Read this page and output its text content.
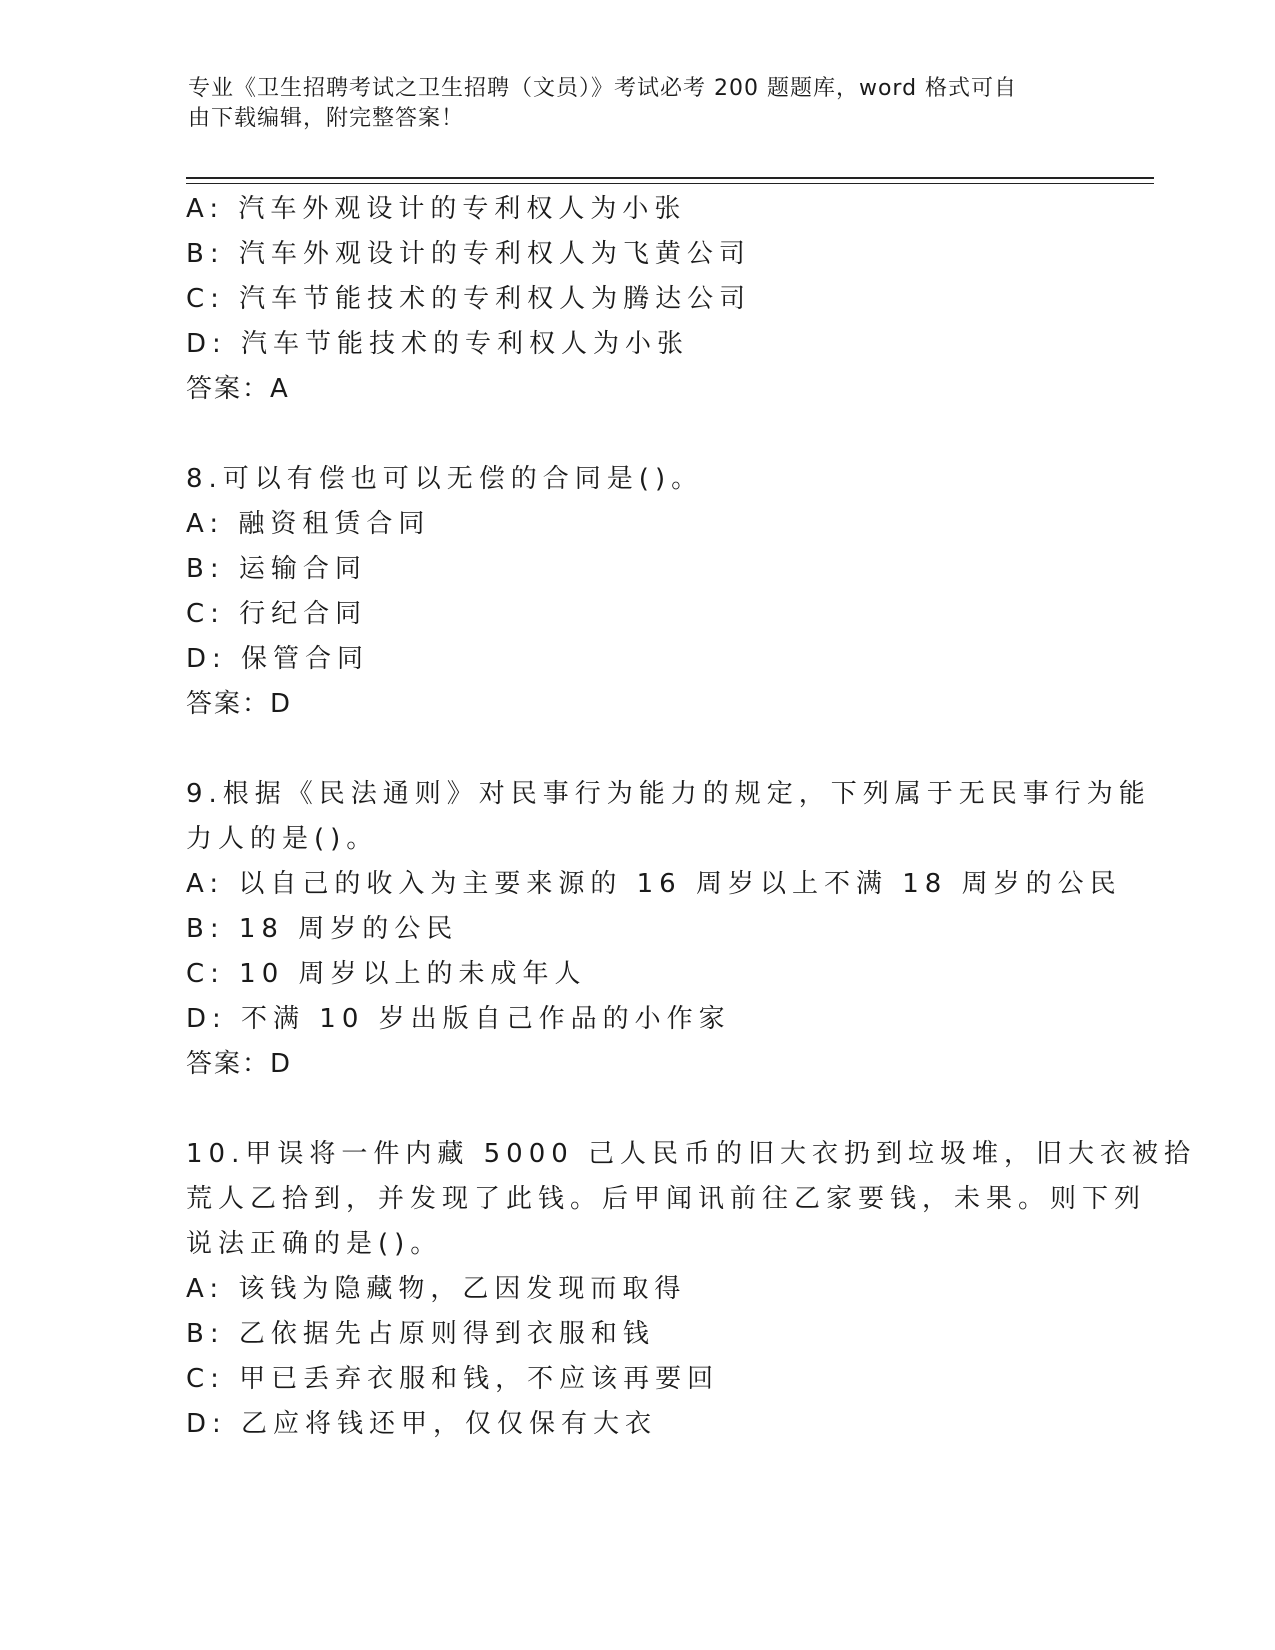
专业《卫生招聘考试之卫生招聘（文员）》考试必考 200 题题库，word 格式可自
由下载编辑，附完整答案！
A: 汽车外观设计的专利权人为小张
B: 汽车外观设计的专利权人为飞黄公司
C: 汽车节能技术的专利权人为腾达公司
D: 汽车节能技术的专利权人为小张
答案：A
8.可以有偿也可以无偿的合同是()。
A: 融资租赁合同
B: 运输合同
C: 行纪合同
D: 保管合同
答案：D
9.根据《民法通则》对民事行为能力的规定，下列属于无民事行为能
力人的是()。
A: 以自己的收入为主要来源的 16 周岁以上不满 18 周岁的公民
B: 18 周岁的公民
C: 10 周岁以上的未成年人
D: 不满 10 岁出版自己作品的小作家
答案：D
10.甲误将一件内藏 5000 己人民币的旧大衣扔到垃圾堆，旧大衣被拾
荒人乙拾到，并发现了此钱。后甲闻讯前往乙家要钱，未果。则下列
说法正确的是()。
A: 该钱为隐藏物，乙因发现而取得
B: 乙依据先占原则得到衣服和钱
C: 甲已丢弃衣服和钱，不应该再要回
D: 乙应将钱还甲，仅仅保有大衣
